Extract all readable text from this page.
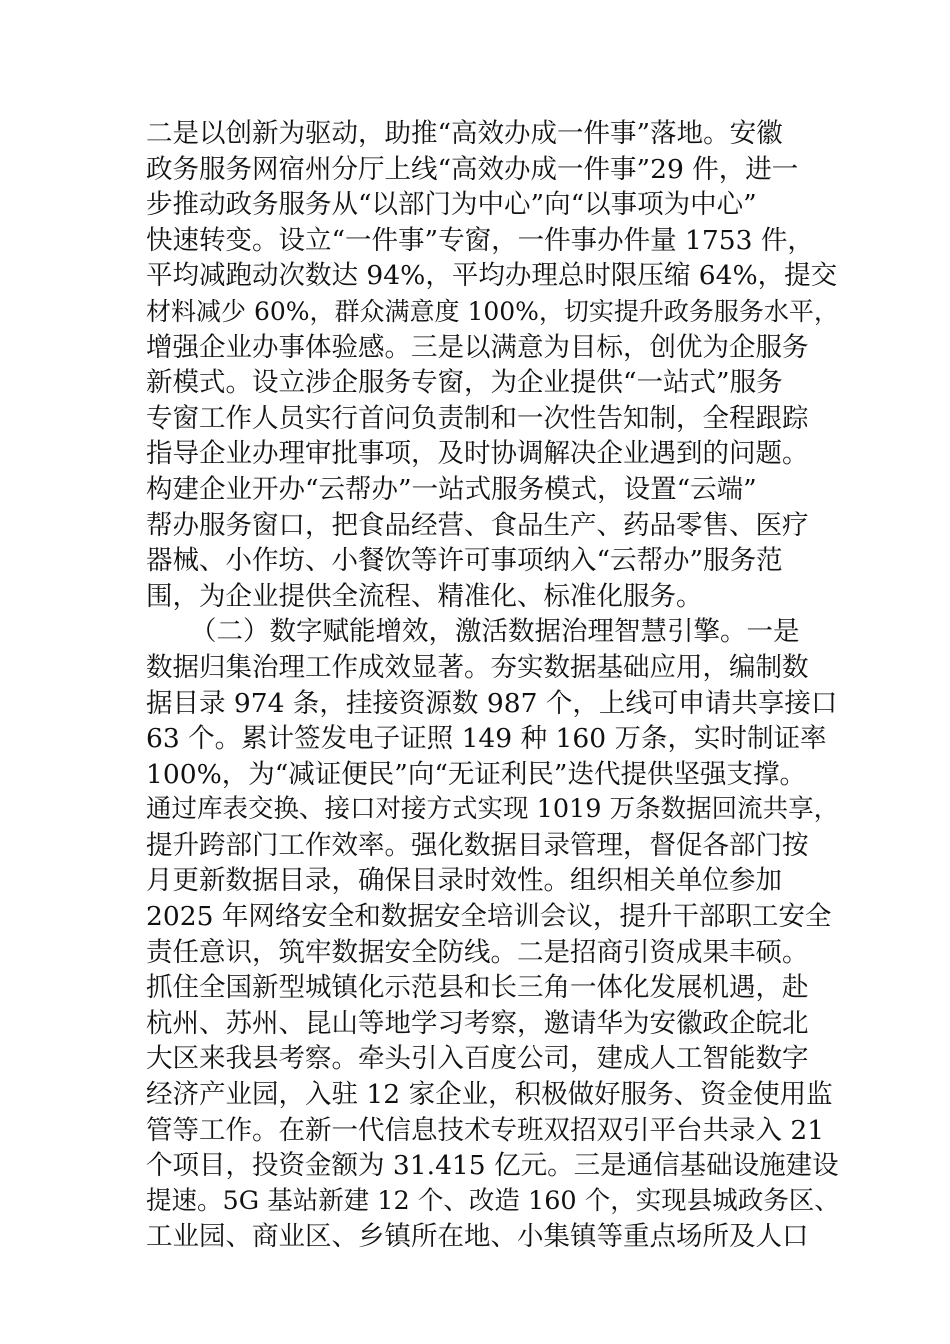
二是以创新为驱动，助推“高效办成一件事”落地。安徽
政务服务网宿州分厅上线“高效办成一件事”29 件，进一
步推动政务服务从“以部门为中心”向“以事项为中心”
快速转变。设立“一件事”专窗，一件事办件量 1753 件，
平均减跑动次数达 94%，平均办理总时限压缩 64%，提交
材料减少 60%，群众满意度 100%，切实提升政务服务水平，
增强企业办事体验感。三是以满意为目标，创优为企服务
新模式。设立涉企服务专窗，为企业提供“一站式”服务
专窗工作人员实行首问负责制和一次性告知制，全程跟踪
指导企业办理审批事项，及时协调解决企业遇到的问题。
构建企业开办“云帮办”一站式服务模式，设置“云端”
帮办服务窗口，把食品经营、食品生产、药品零售、医疗
器械、小作坊、小餐饮等许可事项纳入“云帮办”服务范
围，为企业提供全流程、精准化、标准化服务。
（二）数字赋能增效，激活数据治理智慧引擎。一是
数据归集治理工作成效显著。夯实数据基础应用，编制数
据目录 974 条，挂接资源数 987 个，上线可申请共享接口
63 个。累计签发电子证照 149 种 160 万条，实时制证率
100%，为“减证便民”向“无证利民”迭代提供坚强支撑。
通过库表交换、接口对接方式实现 1019 万条数据回流共享，
提升跨部门工作效率。强化数据目录管理，督促各部门按
月更新数据目录，确保目录时效性。组织相关单位参加
2025 年网络安全和数据安全培训会议，提升干部职工安全
责任意识，筑牢数据安全防线。二是招商引资成果丰硕。
抓住全国新型城镇化示范县和长三角一体化发展机遇，赴
杭州、苏州、昆山等地学习考察，邀请华为安徽政企皖北
大区来我县考察。牵头引入百度公司，建成人工智能数字
经济产业园，入驻 12 家企业，积极做好服务、资金使用监
管等工作。在新一代信息技术专班双招双引平台共录入 21
个项目，投资金额为 31.415 亿元。三是通信基础设施建设
提速。5G 基站新建 12 个、改造 160 个，实现县城政务区、
工业园、商业区、乡镇所在地、小集镇等重点场所及人口
